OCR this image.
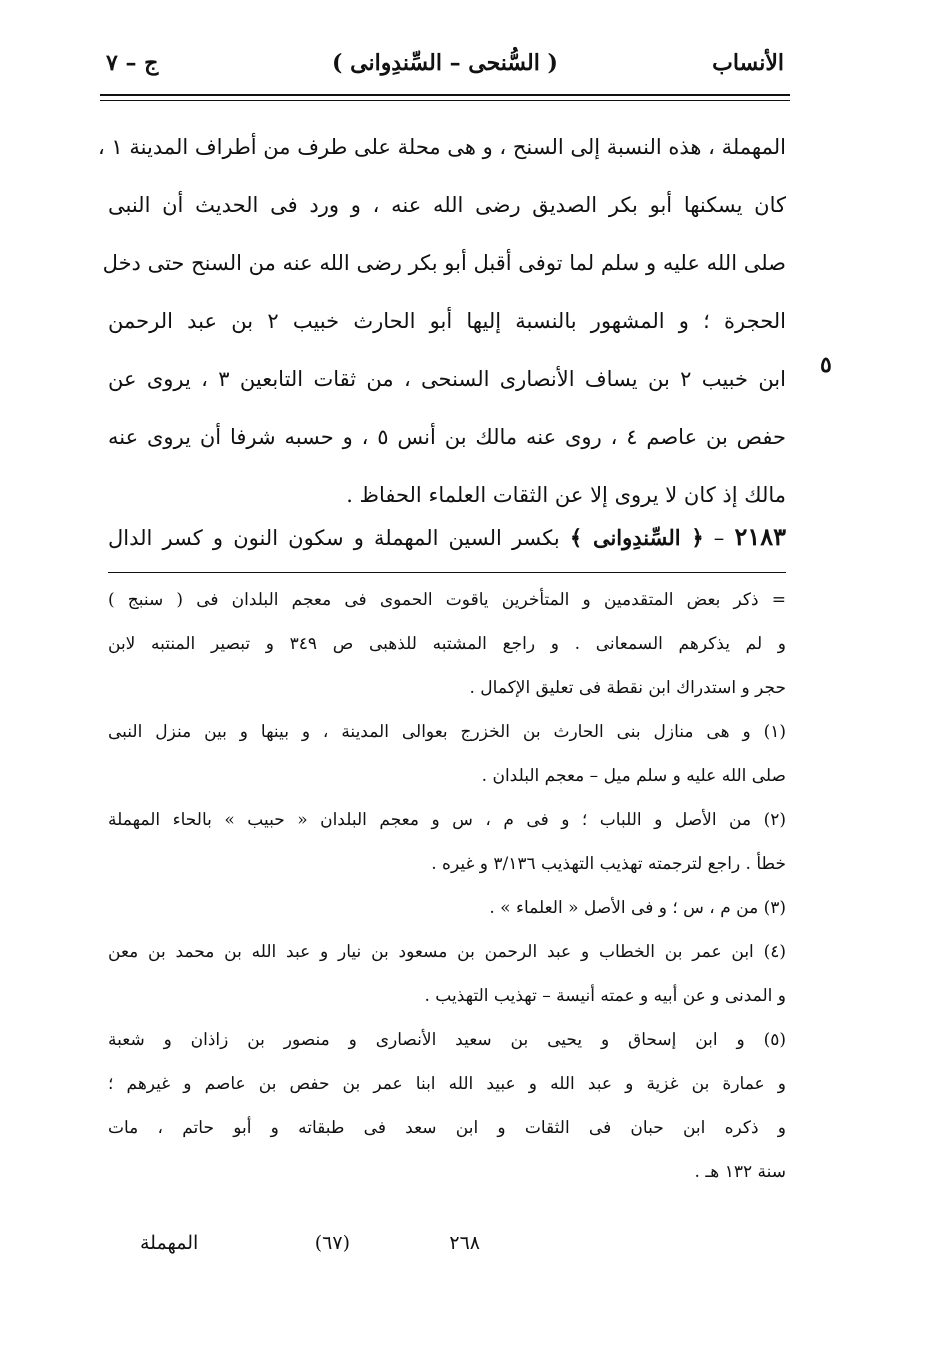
الأنساب
( السُّنحى – السِّندِوانى )
ج – ٧

المهملة ، هذه النسبة إلى السنح ، و هى محلة على طرف من أطراف المدينة ١ ،

كان يسكنها أبو بكر الصديق رضى الله عنه ، و ورد فى الحديث أن النبى

صلى الله عليه و سلم لما توفى أقبل أبو بكر رضى الله عنه من السنح حتى دخل

الحجرة ؛ و المشهور بالنسبة إليها أبو الحارث خبيب ٢ بن عبد الرحمن

ابن خبيب ٢ بن يساف الأنصارى السنحى ، من ثقات التابعين ٣ ، يروى عن

حفص بن عاصم ٤ ، روى عنه مالك بن أنس ٥ ، و حسبه شرفا أن يروى عنه

مالك إذ كان لا يروى إلا عن الثقات العلماء الحفاظ .

٥
٢١٨٣ – ﴿ السِّندِوانى ﴾ بكسر السين المهملة و سكون النون و كسر الدال

= ذكر بعض المتقدمين و المتأخرين ياقوت الحموى فى معجم البلدان فى ( سنبج )

و لم يذكرهم السمعانى . و راجع المشتبه للذهبى ص ٣٤٩ و تبصير المنتبه لابن

حجر و استدراك ابن نقطة فى تعليق الإكمال .

(١) و هى منازل بنى الحارث بن الخزرج بعوالى المدينة ، و بينها و بين منزل النبى

صلى الله عليه و سلم ميل – معجم البلدان .

(٢) من الأصل و اللباب ؛ و فى م ، س و معجم البلدان « حبيب » بالحاء المهملة

خطأ . راجع لترجمته تهذيب التهذيب ٣/١٣٦ و غيره .

(٣) من م ، س ؛ و فى الأصل « العلماء » .

(٤) ابن عمر بن الخطاب و عبد الرحمن بن مسعود بن نيار و عبد الله بن محمد بن معن

و المدنى و عن أبيه و عمته أنيسة – تهذيب التهذيب .

(٥) و ابن إسحاق و يحيى بن سعيد الأنصارى و منصور بن زاذان و شعبة

و عمارة بن غزية و عبد الله و عبيد الله ابنا عمر بن حفص بن عاصم و غيرهم ؛

و ذكره ابن حبان فى الثقات و ابن سعد فى طبقاته و أبو حاتم ، مات

سنة ١٣٢ هـ .

٢٦٨
(٦٧)
المهملة
